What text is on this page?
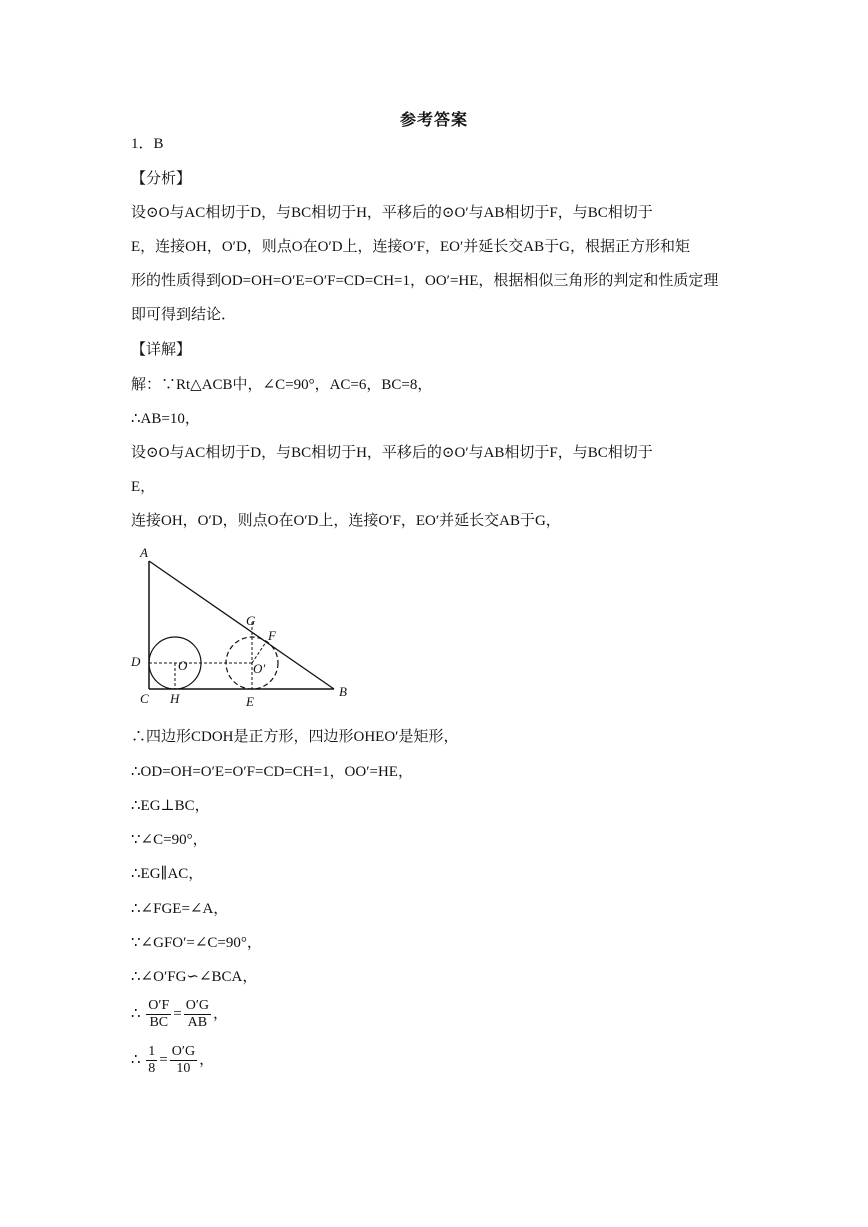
参考答案
1．B
【分析】
设⊙O与AC相切于D，与BC相切于H，平移后的⊙O′与AB相切于F，与BC相切于
E，连接OH，O′D，则点O在O′D上，连接O′F，EO′并延长交AB于G，根据正方形和矩
形的性质得到OD=OH=O′E=O′F=CD=CH=1，OO′=HE，根据相似三角形的判定和性质定理
即可得到结论．
【详解】
解：∵Rt△ACB中，∠C=90°，AC=6，BC=8，
∴AB=10，
设⊙O与AC相切于D，与BC相切于H，平移后的⊙O′与AB相切于F，与BC相切于
E，
连接OH，O′D，则点O在O′D上，连接O′F，EO′并延长交AB于G，
A
B
C
D
H
O	O′
G
F
E
∴四边形CDOH是正方形，四边形OHEO′是矩形，
∴OD=OH=O′E=O′F=CD=CH=1，OO′=HE，
∴EG⊥BC，
∵∠C=90°，
∴EG∥AC，
∴∠FGE=∠A，
∵∠GFO′=∠C=90°，
∴∠O′FG∽∠BCA，
∴ $\frac{O'F}{BC} = \frac{O'G}{AB}$ ，
∴ $\frac{1}{8} = \frac{O'G}{10}$ ，
